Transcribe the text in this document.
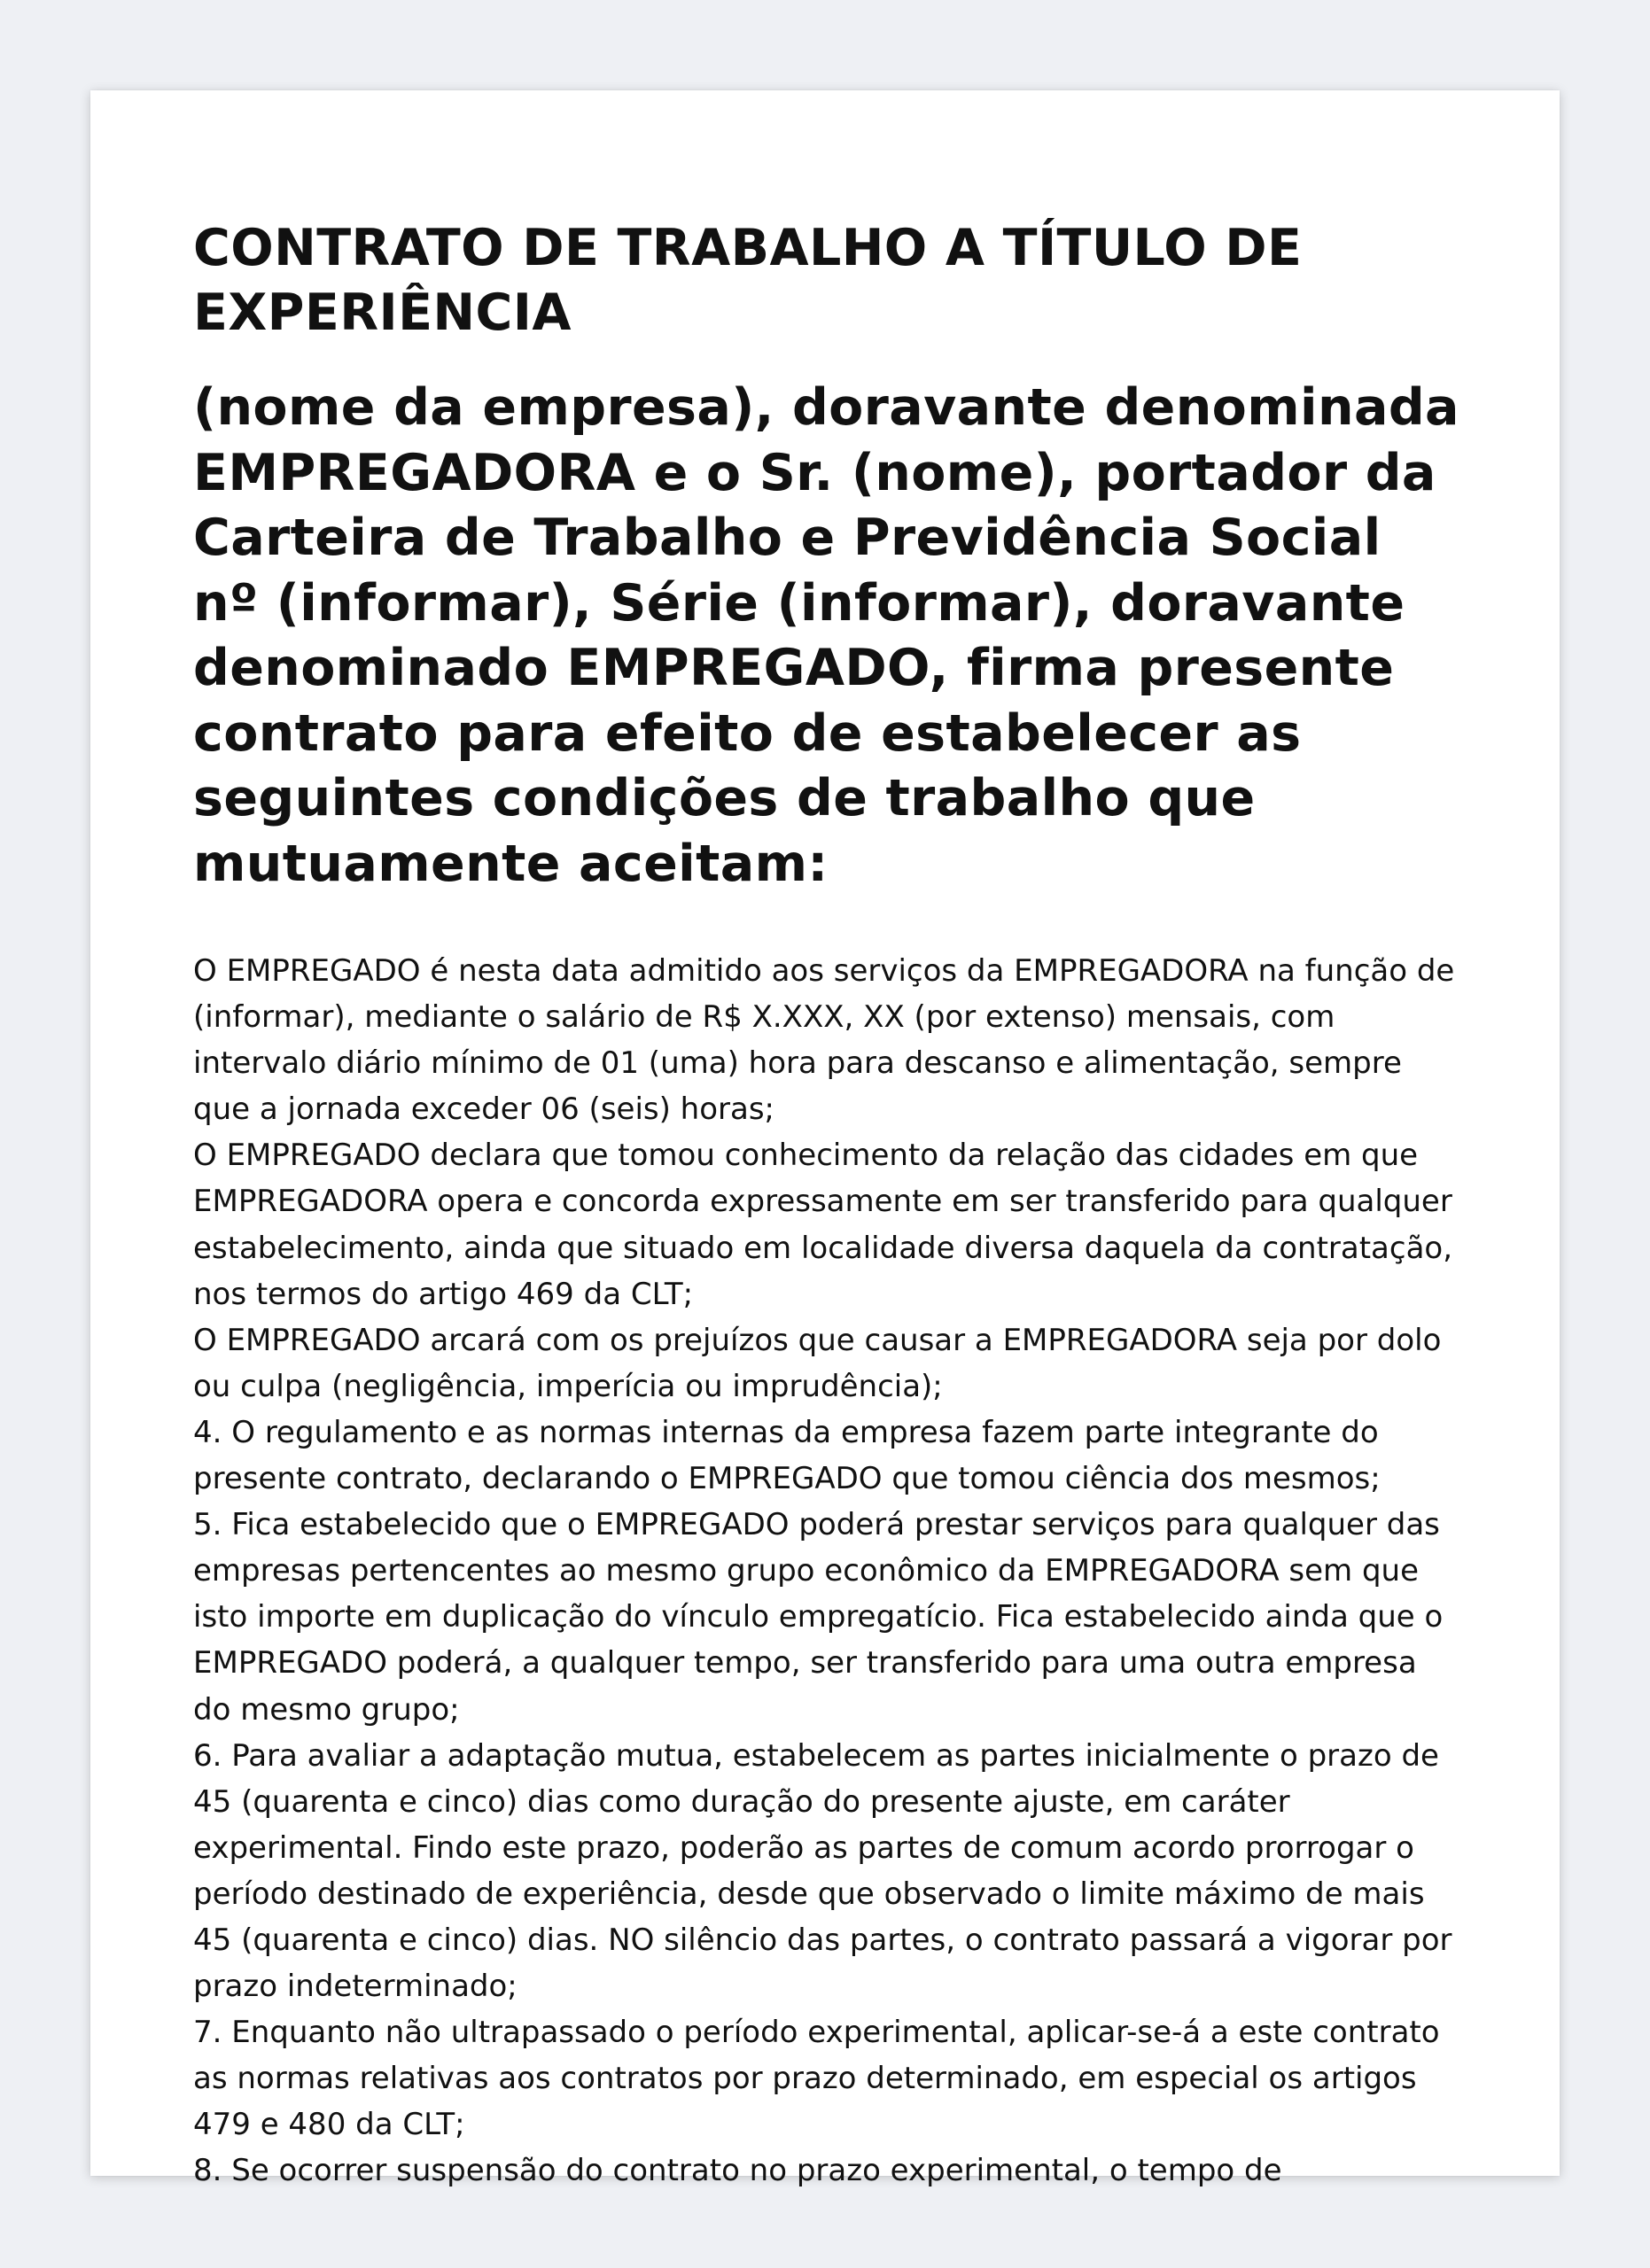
CONTRATO DE TRABALHO A TÍTULO DE EXPERIÊNCIA
(nome da empresa), doravante denominada EMPREGADORA e o Sr. (nome), portador da Carteira de Trabalho e Previdência Social nº (informar), Série (informar), doravante denominado EMPREGADO, firma presente contrato para efeito de estabelecer as seguintes condições de trabalho que mutuamente aceitam:

O EMPREGADO é nesta data admitido aos serviços da EMPREGADORA na função de (informar), mediante o salário de R$ X.XXX, XX (por extenso) mensais, com intervalo diário mínimo de 01 (uma) hora para descanso e alimentação, sempre que a jornada exceder 06 (seis) horas;

O EMPREGADO declara que tomou conhecimento da relação das cidades em que EMPREGADORA opera e concorda expressamente em ser transferido para qualquer estabelecimento, ainda que situado em localidade diversa daquela da contratação, nos termos do artigo 469 da CLT;

O EMPREGADO arcará com os prejuízos que causar a EMPREGADORA seja por dolo ou culpa (negligência, imperícia ou imprudência);

4. O regulamento e as normas internas da empresa fazem parte integrante do presente contrato, declarando o EMPREGADO que tomou ciência dos mesmos;

5. Fica estabelecido que o EMPREGADO poderá prestar serviços para qualquer das empresas pertencentes ao mesmo grupo econômico da EMPREGADORA sem que isto importe em duplicação do vínculo empregatício. Fica estabelecido ainda que o EMPREGADO poderá, a qualquer tempo, ser transferido para uma outra empresa do mesmo grupo;

6. Para avaliar a adaptação mutua, estabelecem as partes inicialmente o prazo de 45 (quarenta e cinco) dias como duração do presente ajuste, em caráter experimental. Findo este prazo, poderão as partes de comum acordo prorrogar o período destinado de experiência, desde que observado o limite máximo de mais 45 (quarenta e cinco) dias. NO silêncio das partes, o contrato passará a vigorar por prazo indeterminado;

7. Enquanto não ultrapassado o período experimental, aplicar-se-á a este contrato as normas relativas aos contratos por prazo determinado, em especial os artigos 479 e 480 da CLT;

8. Se ocorrer suspensão do contrato no prazo experimental, o tempo de
